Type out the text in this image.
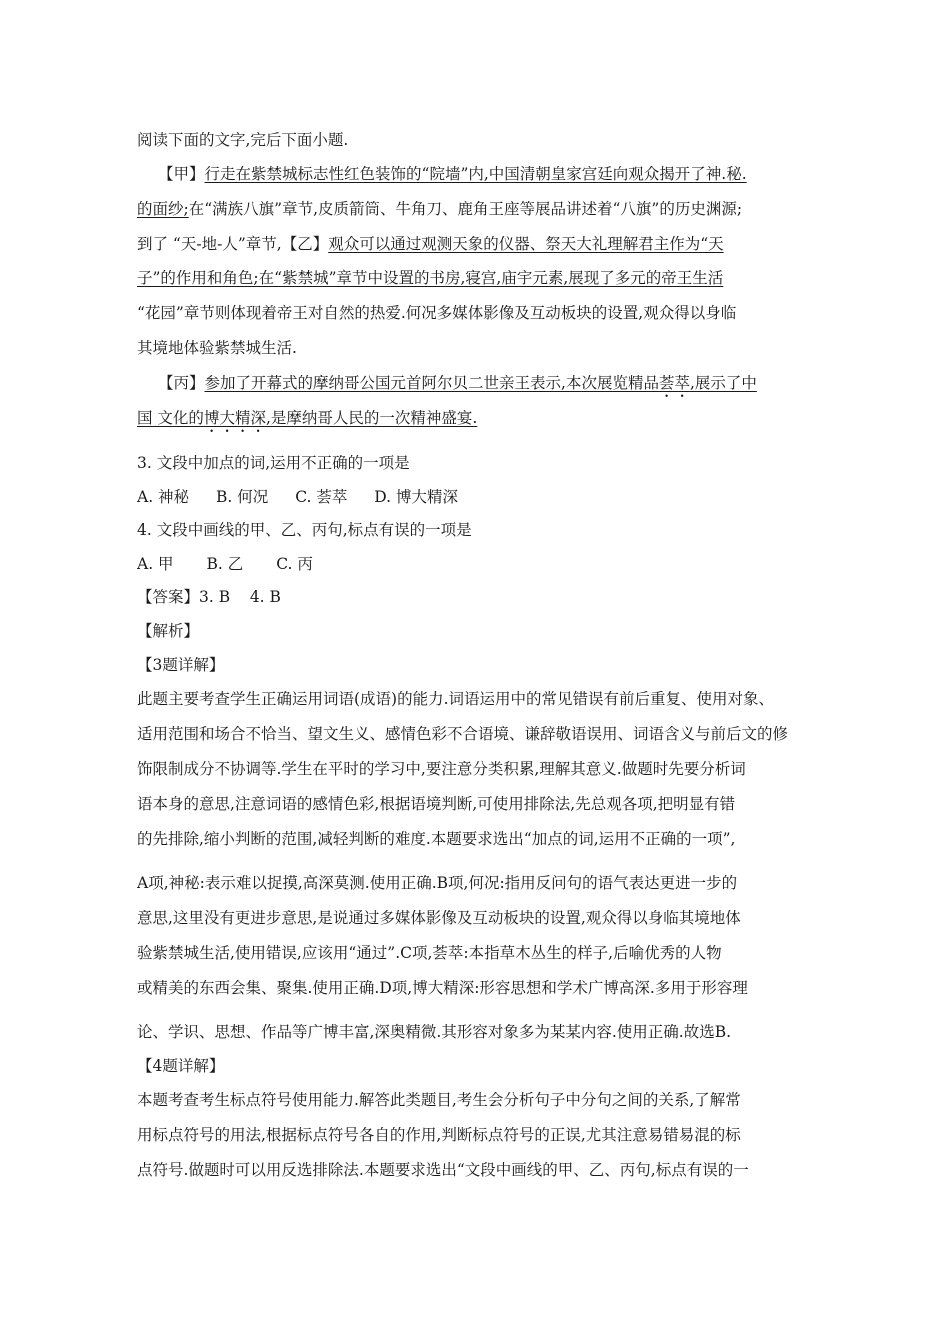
阅读下面的文字,完后下面小题.
【甲】行走在紫禁城标志性红色装饰的“院墙”内,中国清朝皇家宫廷向观众揭开了神.秘.
的面纱;在“满族八旗”章节,皮质箭筒、牛角刀、鹿角王座等展品讲述着“八旗”的历史渊源;
到了 “天-地-人”章节,【乙】观众可以通过观测天象的仪器、祭天大礼理解君主作为“天
子”的作用和角色;在“紫禁城”章节中设置的书房,寝宫,庙宇元素,展现了多元的帝王生活
“花园”章节则体现着帝王对自然的热爱.何况多媒体影像及互动板块的设置,观众得以身临
其境地体验紫禁城生活.
【丙】参加了开幕式的摩纳哥公国元首阿尔贝二世亲王表示,本次展览精品荟萃,展示了中
国 文化的博大精深,是摩纳哥人民的一次精神盛宴.
3. 文段中加点的词,运用不正确的一项是
A. 神秘 B. 何况 C. 荟萃 D. 博大精深
4. 文段中画线的甲、乙、丙句,标点有误的一项是
A. 甲 B. 乙 C. 丙
【答案】3. B    4. B
【解析】
【3题详解】
此题主要考查学生正确运用词语(成语)的能力.词语运用中的常见错误有前后重复、使用对象、
适用范围和场合不恰当、望文生义、感情色彩不合语境、谦辞敬语误用、词语含义与前后文的修
饰限制成分不协调等.学生在平时的学习中,要注意分类积累,理解其意义.做题时先要分析词
语本身的意思,注意词语的感情色彩,根据语境判断,可使用排除法,先总观各项,把明显有错
的先排除,缩小判断的范围,减轻判断的难度.本题要求选出“加点的词,运用不正确的一项”,
A项,神秘:表示难以捉摸,高深莫测.使用正确.B项,何况:指用反问句的语气表达更进一步的
意思,这里没有更进步意思,是说通过多媒体影像及互动板块的设置,观众得以身临其境地体
验紫禁城生活,使用错误,应该用“通过”.C项,荟萃:本指草木丛生的样子,后喻优秀的人物
或精美的东西会集、聚集.使用正确.D项,博大精深:形容思想和学术广博高深.多用于形容理
论、学识、思想、作品等广博丰富,深奥精微.其形容对象多为某某内容.使用正确.故选B.
【4题详解】
本题考查考生标点符号使用能力.解答此类题目,考生会分析句子中分句之间的关系,了解常
用标点符号的用法,根据标点符号各自的作用,判断标点符号的正误,尤其注意易错易混的标
点符号.做题时可以用反选排除法.本题要求选出“文段中画线的甲、乙、丙句,标点有误的一
